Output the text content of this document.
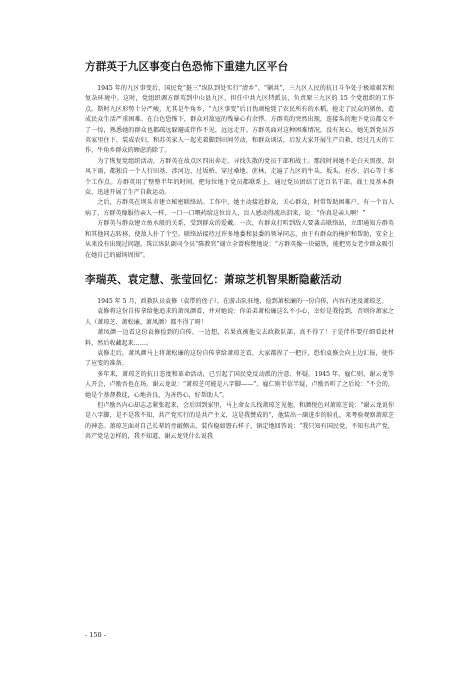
方群英于九区事变白色恐怖下重建九区平台

1945 年的九区事变后，国民党“挺三”纵队到处实行“清乡”、“剿共”，三九区人民的抗日斗争处于极端艰苦和复杂环境中。这时，党组织调方群英到中山县九区，担任中共九区特派员，负责原三九区的 15 个党组织的工作点。斯时九区形势十分严峻，尤其是牛角乡，“九区事变”后日伪顽枪毙了农民所有的水稻，抢走了民众的猪鱼，造成民众生活严重困难。在白色恐怖下，群众对敌寇的残暴心有余悸。方群英的突然出现，连接头的地下党员都交不了一惊，熟悉她的群众也都疏远躲避或伴作不见，远远走开。方群英面对这种困难情况，没有灰心，她先到党员苏英家里住下，装成农妇，和苏英家人一起光着脚到田间劳动，和群众谈话，启发大家开展生产自救，经过几天的工作，牛角乡群众的顾虑消除了。

为了恢复党组织活动，方群英在故点区四出奔走，寻找失散的党员干部和战士。那段时间她不论白天黑夜、刮风下雨，都独自一个人行田基、涉河边、过坂桥、穿过桑地、蔗林，走遍了九区的牛头、坂头、孖沙、沼心等十多个工作点。方群英用了整整半年的时间，把每位地下党员都联系上，通过党员团结了近百名干部、战士及基本群众，迅速开展了生产自救运动。

之后，方群英在坝头市建立秘密联络站。工作中，她主动接近群众，关心群众，时常帮助困难户，有一个盲人病了，方群英像服侍亲人一样，一口一口喂药给这位盲人，盲人感动得流出泪来，说：“你真是亲人啊！”

方群英与群众建立鱼水般的关系，受到群众的爱戴。一次，有群众打听到敌人要袭击联络站，立即通知方群英和其他同志转移，使敌人扑了个空。联络站接待过许多地委和县委的领导同志，由于有群众的掩护和帮助，安全上从来没有出现过问题。珠江纵队副司令员“陈教官”谢立全曾称赞地说：“方群英像一块磁铁，能把男女老少群众吸引在她自己的磁场周围”。

李瑞英、袁定慧、张莹回忆：萧琼芝机智果断隐蔽活动

1945 年 5 月，政救队员袁修（袁带的侄子），在游击队驻地，捡到萧松廉的一份自传，内容有述及萧琼芝。

袁修将这份自传拿给他追求的萧凤颜看，并对她说：你弟弟萧松廉这么不小心，幸好是我捡到，否则你萧家之人（萧琼芝、萧松廉、萧凤颜）都不得了呀！

萧凤颜一边看这份袁修捡到的自传，一边想，若果真被他交去政救队部，真不得了！于是伴作要仔细看此材料，然后收藏起来……。

袁修走后，萧凤颜马上将萧松廉的这份自传拿给萧琼芝看，大家都捏了一把汗，恐怕袁修会向上边汇报，使作了应变的准备。

多年来，萧琼芝的抗日态度和革命活动，已引起了国民党反动派的注意、怀疑。1945 年，雇仁则、谢云龙等人开会，卢励吾也在场。谢云龙说：“萧琼芝可能是八字脚——”。雇仁则半信半疑，卢励吾听了之后说：“不会的，她是个基督教徒，心地善良，为善热心，好帮助人”。

但卢励吾内心却志忑紧张起来，会后回到家里，马上命女儿找萧琼芝见他，和颜悦色对萧琼芝说：“谢云龙说你是八字脚，是不是我不知，共产党实行的是共产主义，这是我赞成的”，他装出一副进步的脸孔，来考验观察萧琼芝的神态。萧琼芝面对自己长辈的旁敲侧击，装作稳如磐石样子，镇定地回答说：“我只知有国民党，不知有共产党，共产党是怎样的，我不知道，谢云龙凭什么说我

- 150 -
